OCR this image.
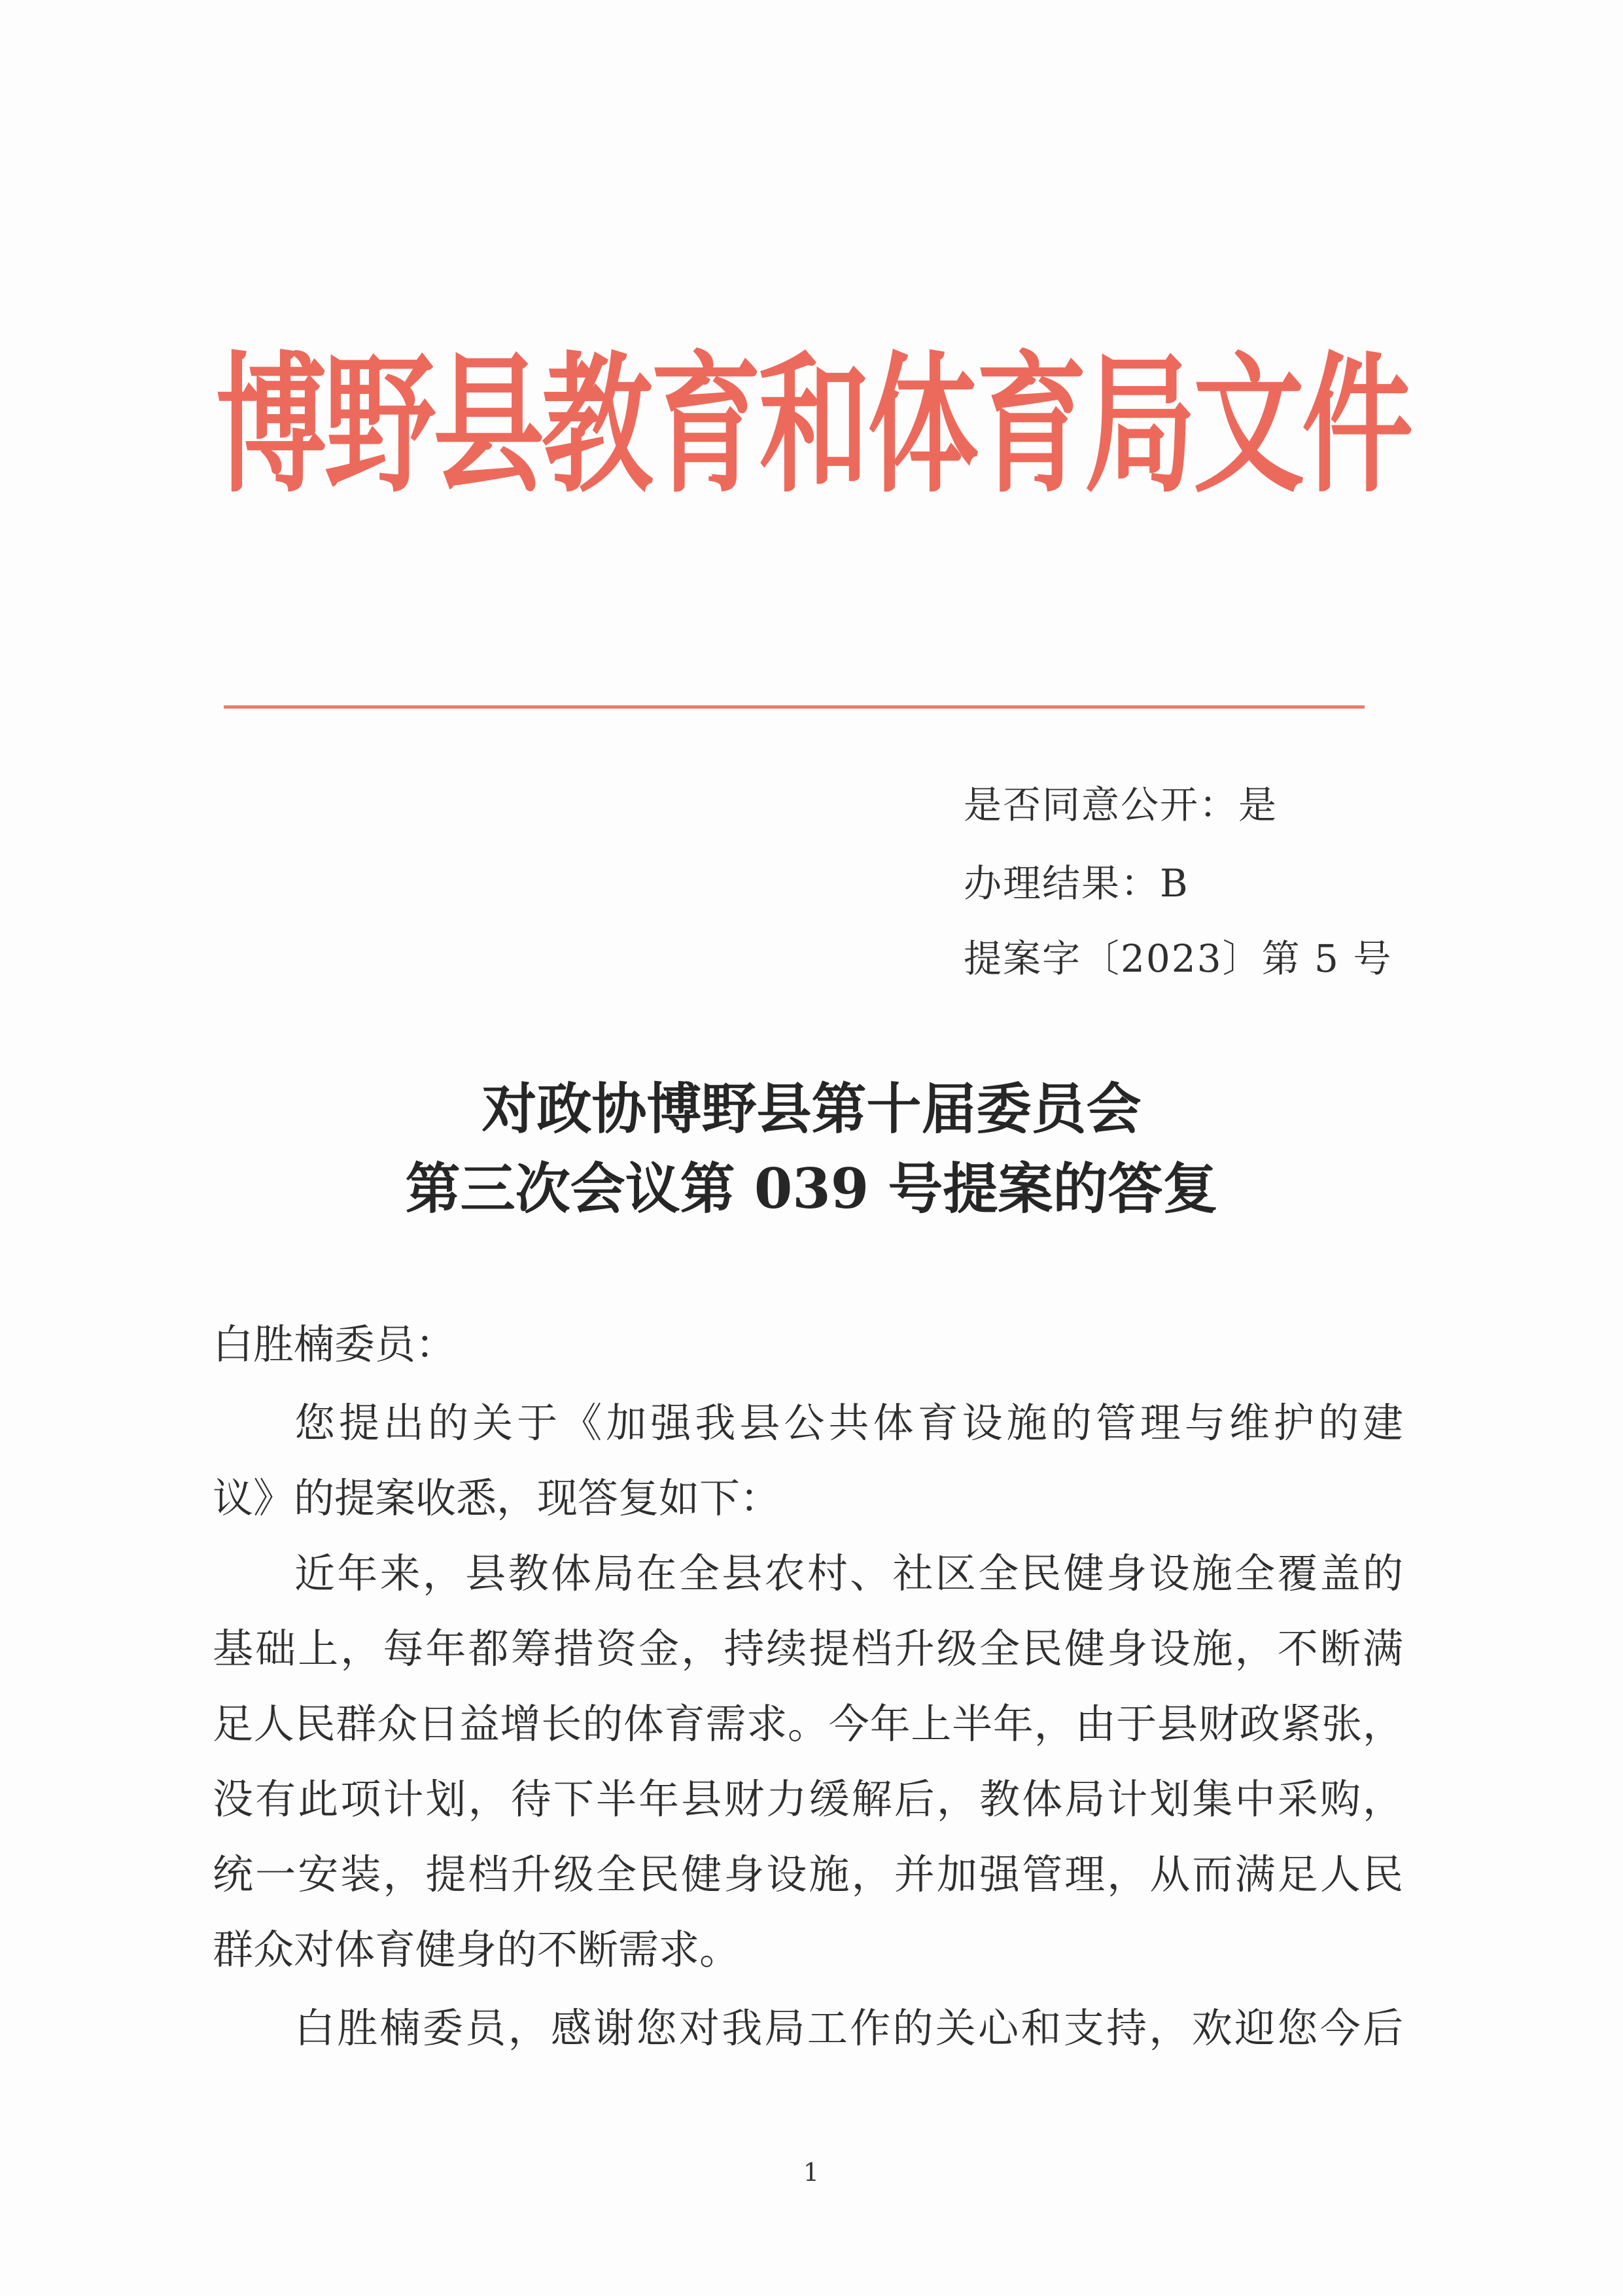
博野县教育和体育局文件
是否同意公开：是
办理结果：B
提案字〔2023〕第 5 号
对政协博野县第十届委员会
第三次会议第 039 号提案的答复
白胜楠委员：
您提出的关于《加强我县公共体育设施的管理与维护的建
议》的提案收悉，现答复如下：
近年来，县教体局在全县农村、社区全民健身设施全覆盖的
基础上，每年都筹措资金，持续提档升级全民健身设施，不断满
足人民群众日益增长的体育需求。今年上半年，由于县财政紧张，
没有此项计划，待下半年县财力缓解后，教体局计划集中采购，
统一安装，提档升级全民健身设施，并加强管理，从而满足人民
群众对体育健身的不断需求。
白胜楠委员，感谢您对我局工作的关心和支持，欢迎您今后
1
